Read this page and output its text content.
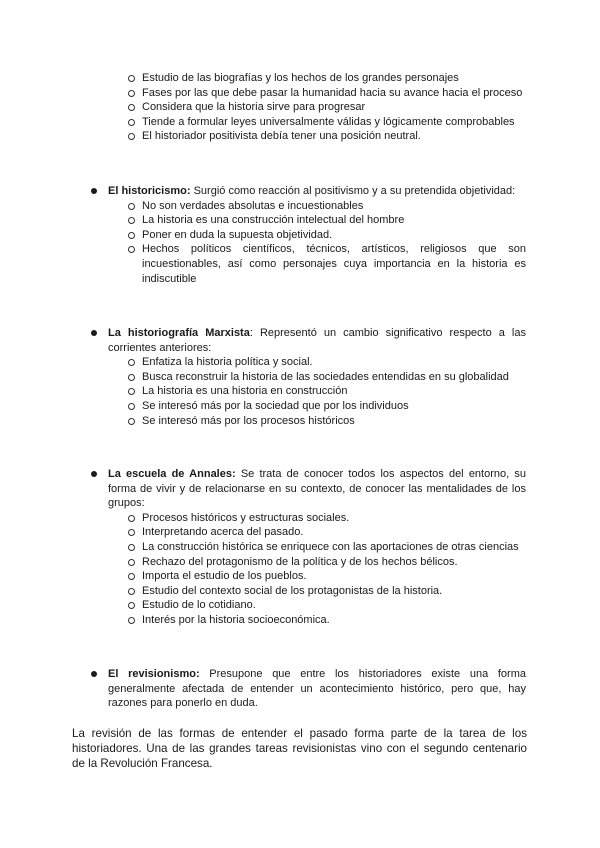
Estudio de las biografías y los hechos de los grandes personajes
Fases por las que debe pasar la humanidad hacia su avance hacia el proceso
Considera que la historia sirve para progresar
Tiende a formular leyes universalmente válidas y lógicamente comprobables
El historiador positivista debía tener una posición neutral.
El historicismo: Surgió como reacción al positivismo y a su pretendida objetividad:
No son verdades absolutas e incuestionables
La historia es una construcción intelectual del hombre
Poner en duda la supuesta objetividad.
Hechos políticos científicos, técnicos, artísticos, religiosos que son incuestionables, así como personajes cuya importancia en la historia es indiscutible
La historiografía Marxista: Representó un cambio significativo respecto a las corrientes anteriores:
Enfatiza la historia política y social.
Busca reconstruir la historia de las sociedades entendidas en su globalidad
La historia es una historia en construcción
Se interesó más por la sociedad que por los individuos
Se interesó más por los procesos históricos
La escuela de Annales: Se trata de conocer todos los aspectos del entorno, su forma de vivir y de relacionarse en su contexto, de conocer las mentalidades de los grupos:
Procesos históricos y estructuras sociales.
Interpretando acerca del pasado.
La construcción histórica se enriquece con las aportaciones de otras ciencias
Rechazo del protagonismo de la política y de los hechos bélicos.
Importa el estudio de los pueblos.
Estudio del contexto social de los protagonistas de la historia.
Estudio de lo cotidiano.
Interés por la historia socioeconómica.
El revisionismo: Presupone que entre los historiadores existe una forma generalmente afectada de entender un acontecimiento histórico, pero que, hay razones para ponerlo en duda.

La revisión de las formas de entender el pasado forma parte de la tarea de los historiadores. Una de las grandes tareas revisionistas vino con el segundo centenario de la Revolución Francesa.
